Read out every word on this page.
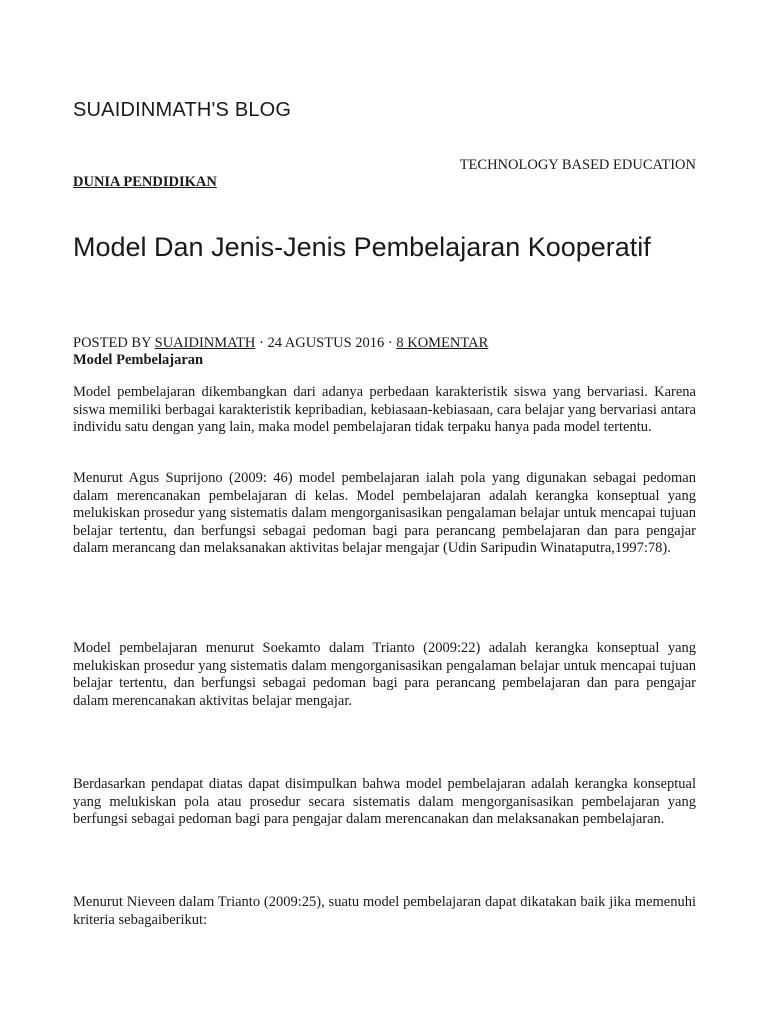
SUAIDINMATH'S BLOG
TECHNOLOGY BASED EDUCATION
DUNIA PENDIDIKAN
Model Dan Jenis-Jenis Pembelajaran Kooperatif
POSTED BY SUAIDINMATH · 24 AGUSTUS 2016 · 8 KOMENTAR
Model Pembelajaran

Model pembelajaran dikembangkan dari adanya perbedaan karakteristik siswa yang bervariasi. Karena siswa memiliki berbagai karakteristik kepribadian, kebiasaan-kebiasaan, cara belajar yang bervariasi antara individu satu dengan yang lain, maka model pembelajaran tidak terpaku hanya pada model tertentu.

Menurut Agus Suprijono (2009: 46) model pembelajaran ialah pola yang digunakan sebagai pedoman dalam merencanakan pembelajaran di kelas. Model pembelajaran adalah kerangka konseptual yang melukiskan prosedur yang sistematis dalam mengorganisasikan pengalaman belajar untuk mencapai tujuan belajar tertentu, dan berfungsi sebagai pedoman bagi para perancang pembelajaran dan para pengajar dalam merancang dan melaksanakan aktivitas belajar mengajar (Udin Saripudin Winataputra,1997:78).

Model pembelajaran menurut Soekamto dalam Trianto (2009:22) adalah kerangka konseptual yang melukiskan prosedur yang sistematis dalam mengorganisasikan pengalaman belajar untuk mencapai tujuan belajar tertentu, dan berfungsi sebagai pedoman bagi para perancang pembelajaran dan para pengajar dalam merencanakan aktivitas belajar mengajar.

Berdasarkan pendapat diatas dapat disimpulkan bahwa model pembelajaran adalah kerangka konseptual yang melukiskan pola atau prosedur secara sistematis dalam mengorganisasikan pembelajaran yang berfungsi sebagai pedoman bagi para pengajar dalam merencanakan dan melaksanakan pembelajaran.

Menurut Nieveen dalam Trianto (2009:25), suatu model pembelajaran dapat dikatakan baik jika memenuhi kriteria sebagaiberikut:
